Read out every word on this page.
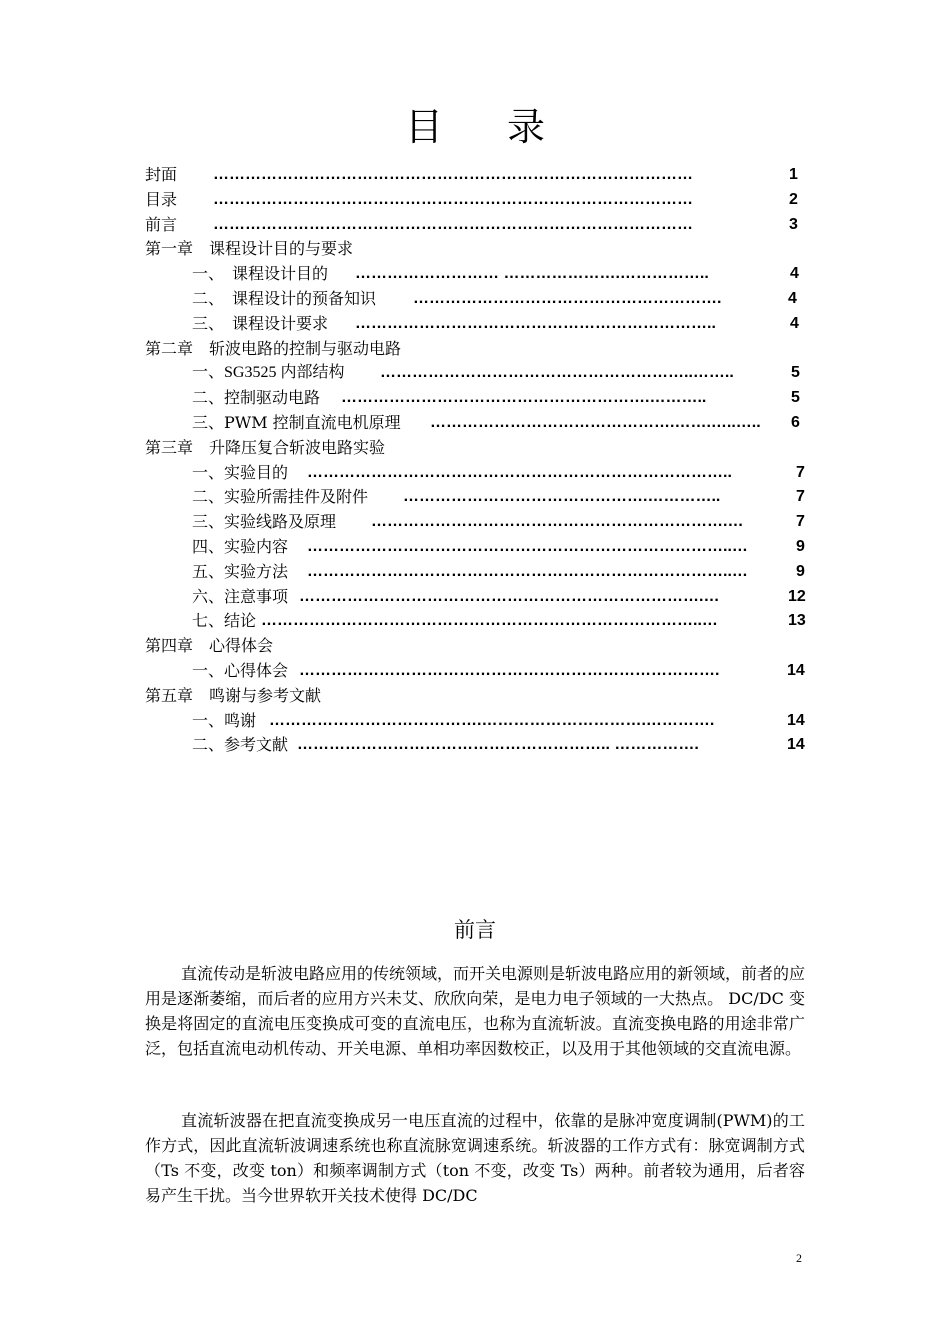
目 录
封面 ………………………………………………………………………………	1
目录 ………………………………………………………………………………	2
前言 ………………………………………………………………………………	3
第一章　课程设计目的与要求
一、　课程设计目的 ……………………… ………………….……………..	4
二、　课程设计的预备知识 ………………………………………………….	4
三、　课程设计要求 …………………………………………………………..	4
第二章　斩波电路的控制与驱动电路
一、SG3525 内部结构 …………………………………………………..……..	5
二、控制驱动电路 ………………………………………………….………..	5
三、PWM 控制直流电机原理 ……………………………………….…….…..…..	6
第三章　升降压复合斩波电路实验
一、实验目的 ……………………………………………………………………..	7
二、实验所需挂件及附件 ……………………………………….…………..	7
三、实验线路及原理 ………………………………………………………….…	7
四、实验内容 ……………………………………………………………………..…	9
五、实验方法 ……………………………………………………………………..…	9
六、注意事项 ………………………………………………………………….…	12
七、结论 ………………………………………………………………………..…	13
第四章　心得体会
一、心得体会 …………………………………………………………………….	14
第五章　鸣谢与参考文献
一、鸣谢 ………………………………….………………………….………….	14
二、参考文献 ………………………………………………….. …………….	14
前言
直流传动是斩波电路应用的传统领域，而开关电源则是斩波电路应用的新领域，前者的应用是逐渐萎缩，而后者的应用方兴未艾、欣欣向荣，是电力电子领域的一大热点。 DC/DC 变换是将固定的直流电压变换成可变的直流电压，也称为直流斩波。直流变换电路的用途非常广泛，包括直流电动机传动、开关电源、单相功率因数校正，以及用于其他领域的交直流电源。
直流斩波器在把直流变换成另一电压直流的过程中，依靠的是脉冲宽度调制(PWM)的工作方式，因此直流斩波调速系统也称直流脉宽调速系统。斩波器的工作方式有：脉宽调制方式（Ts 不变，改变 ton）和频率调制方式（ton 不变，改变 Ts）两种。前者较为通用，后者容易产生干扰。当今世界软开关技术使得 DC/DC
2
